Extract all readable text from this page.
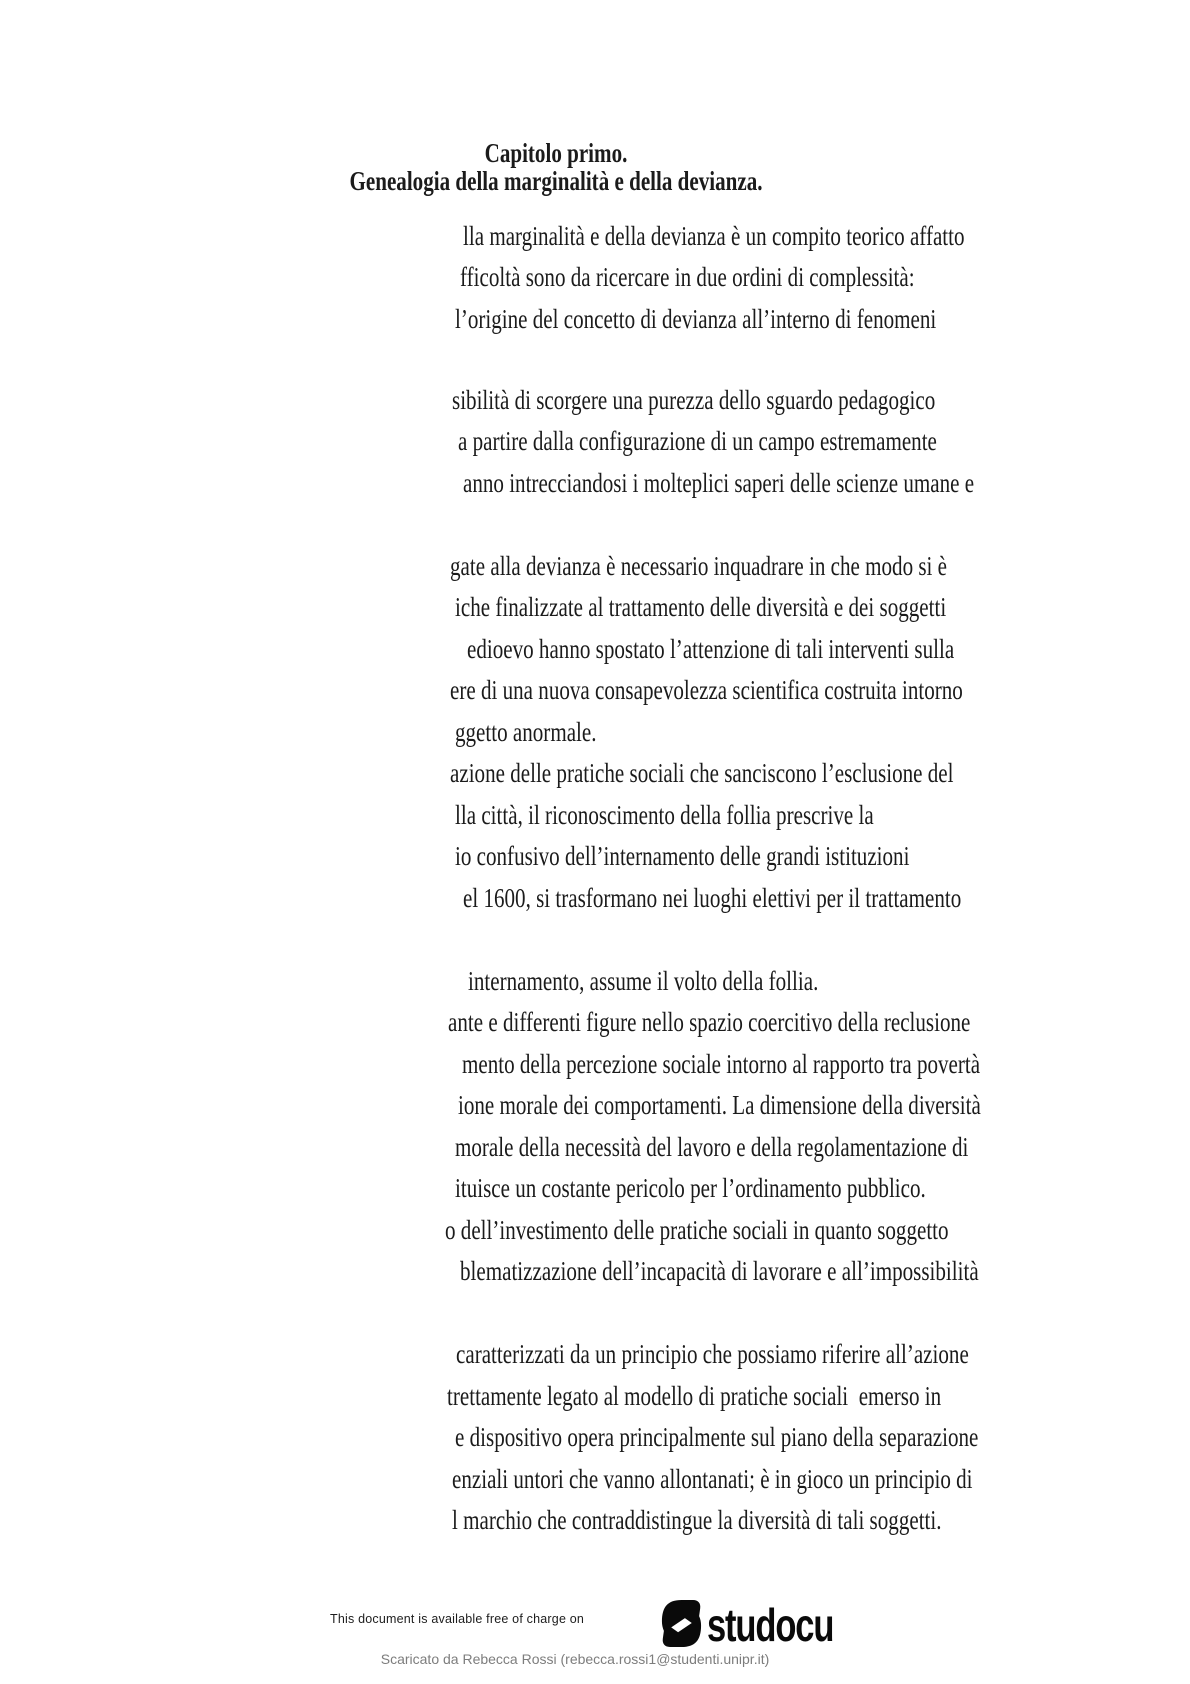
Capitolo primo.
Genealogia della marginalità e della devianza.
lla marginalità e della devianza è un compito teorico affatto
fficoltà sono da ricercare in due ordini di complessità:
l’origine del concetto di devianza all’interno di fenomeni
sibilità di scorgere una purezza dello sguardo pedagogico
a partire dalla configurazione di un campo estremamente
anno intrecciandosi i molteplici saperi delle scienze umane e
gate alla devianza è necessario inquadrare in che modo si è
iche finalizzate al trattamento delle diversità e dei soggetti
edioevo hanno spostato l’attenzione di tali interventi sulla
ere di una nuova consapevolezza scientifica costruita intorno
ggetto anormale.
azione delle pratiche sociali che sanciscono l’esclusione del
lla città, il riconoscimento della follia prescrive la
io confusivo dell’internamento delle grandi istituzioni
el 1600, si trasformano nei luoghi elettivi per il trattamento
internamento, assume il volto della follia.
ante e differenti figure nello spazio coercitivo della reclusione
mento della percezione sociale intorno al rapporto tra povertà
ione morale dei comportamenti. La dimensione della diversità
morale della necessità del lavoro e della regolamentazione di
ituisce un costante pericolo per l’ordinamento pubblico.
o dell’investimento delle pratiche sociali in quanto soggetto
blematizzazione dell’incapacità di lavorare e all’impossibilità
caratterizzati da un principio che possiamo riferire all’azione
trettamente legato al modello di pratiche sociali  emerso in
e dispositivo opera principalmente sul piano della separazione
enziali untori che vanno allontanati; è in gioco un principio di
l marchio che contraddistingue la diversità di tali soggetti.
This document is available free of charge on	studocu
Scaricato da Rebecca Rossi (rebecca.rossi1@studenti.unipr.it)
